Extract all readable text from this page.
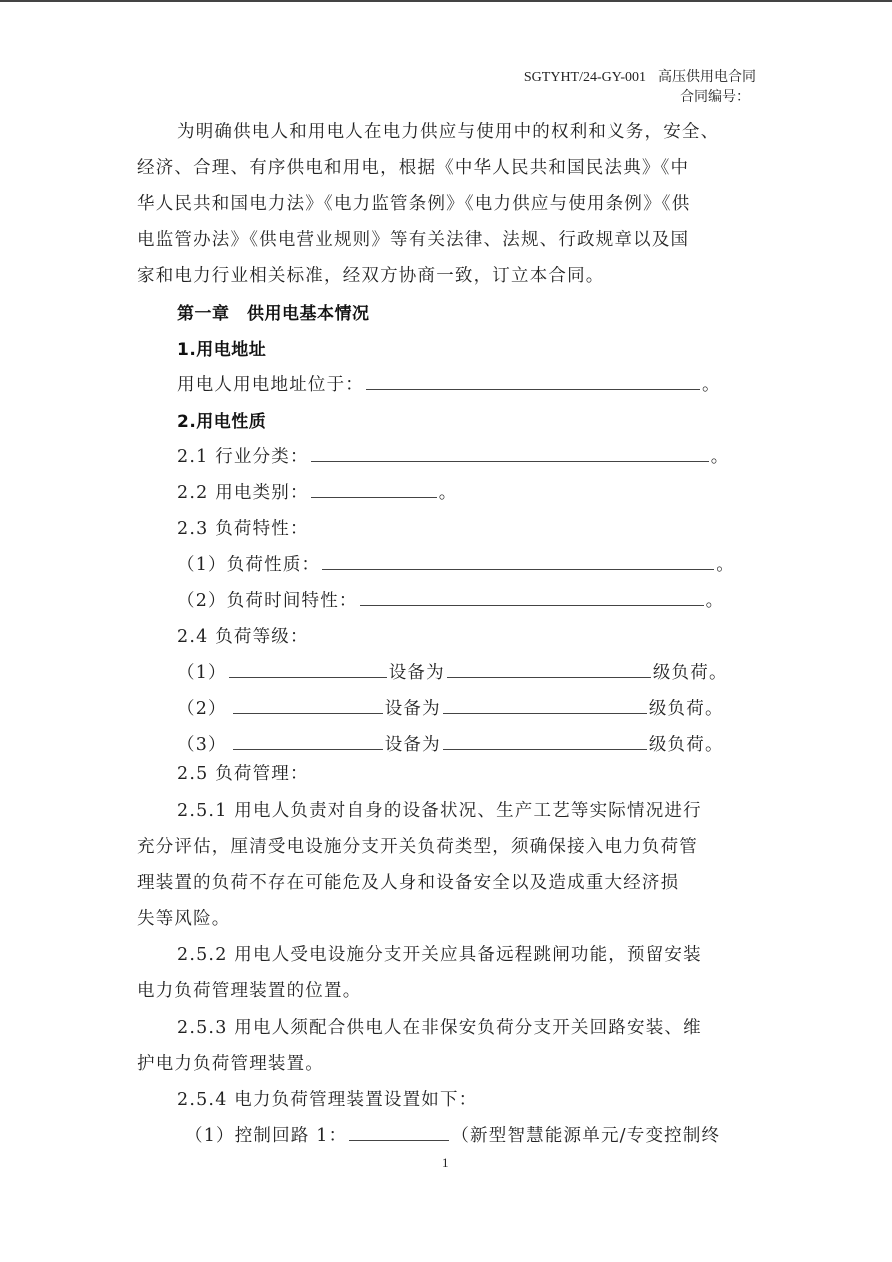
SGTYHT/24-GY-001 高压供用电合同
合同编号：
为明确供电人和用电人在电力供应与使用中的权利和义务，安全、
经济、合理、有序供电和用电，根据《中华人民共和国民法典》《中
华人民共和国电力法》《电力监管条例》《电力供应与使用条例》《供
电监管办法》《供电营业规则》等有关法律、法规、行政规章以及国
家和电力行业相关标准，经双方协商一致，订立本合同。
第一章　供用电基本情况
1.用电地址
用电人用电地址位于：	。
2.用电性质
2.1 行业分类：	。
2.2 用电类别：	。
2.3 负荷特性：
（1）负荷性质：	。
（2）负荷时间特性：	。
2.4 负荷等级：
（1）	设备为	级负荷。
（2）	设备为	级负荷。
（3）	设备为	级负荷。
2.5 负荷管理：
2.5.1 用电人负责对自身的设备状况、生产工艺等实际情况进行
充分评估，厘清受电设施分支开关负荷类型，须确保接入电力负荷管
理装置的负荷不存在可能危及人身和设备安全以及造成重大经济损
失等风险。
2.5.2 用电人受电设施分支开关应具备远程跳闸功能，预留安装
电力负荷管理装置的位置。
2.5.3 用电人须配合供电人在非保安负荷分支开关回路安装、维
护电力负荷管理装置。
2.5.4 电力负荷管理装置设置如下：
（1）控制回路 1：	（新型智慧能源单元/专变控制终
1
